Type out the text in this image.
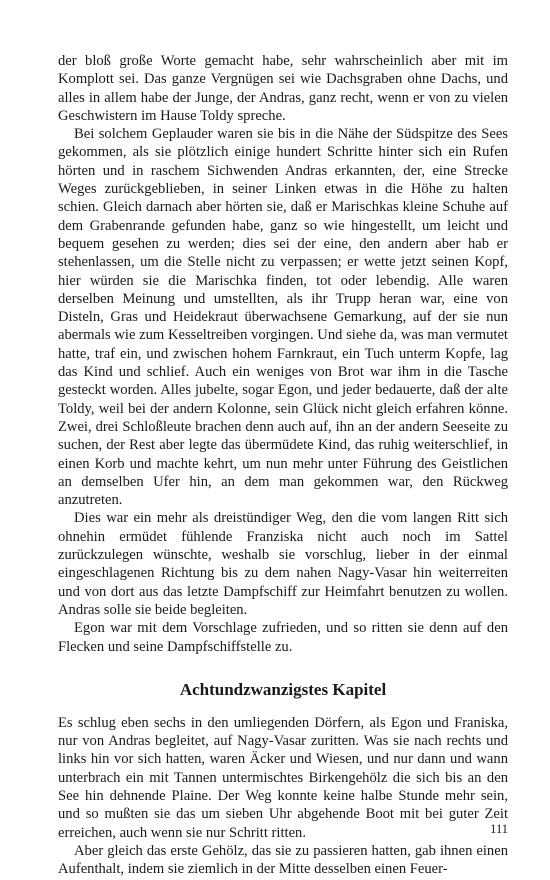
der bloß große Worte gemacht habe, sehr wahrscheinlich aber mit im Komplott sei. Das ganze Vergnügen sei wie Dachsgraben ohne Dachs, und alles in allem habe der Junge, der Andras, ganz recht, wenn er von zu vielen Geschwistern im Hause Toldy spreche.

Bei solchem Geplauder waren sie bis in die Nähe der Südspitze des Sees gekommen, als sie plötzlich einige hundert Schritte hinter sich ein Rufen hörten und in raschem Sichwenden Andras erkannten, der, eine Strecke Weges zurückgeblieben, in seiner Linken etwas in die Höhe zu halten schien. Gleich darnach aber hörten sie, daß er Marischkas kleine Schuhe auf dem Grabenrande gefunden habe, ganz so wie hingestellt, um leicht und bequem gesehen zu werden; dies sei der eine, den andern aber hab er stehenlassen, um die Stelle nicht zu verpassen; er wette jetzt seinen Kopf, hier würden sie die Marischka finden, tot oder lebendig. Alle waren derselben Meinung und umstellten, als ihr Trupp heran war, eine von Disteln, Gras und Heidekraut überwachsene Gemarkung, auf der sie nun abermals wie zum Kesseltreiben vorgingen. Und siehe da, was man vermutet hatte, traf ein, und zwischen hohem Farnkraut, ein Tuch unterm Kopfe, lag das Kind und schlief. Auch ein weniges von Brot war ihm in die Tasche gesteckt worden. Alles jubelte, sogar Egon, und jeder bedauerte, daß der alte Toldy, weil bei der andern Kolonne, sein Glück nicht gleich erfahren könne. Zwei, drei Schloßleute brachen denn auch auf, ihn an der andern Seeseite zu suchen, der Rest aber legte das übermüdete Kind, das ruhig weiterschlief, in einen Korb und machte kehrt, um nun mehr unter Führung des Geistlichen an demselben Ufer hin, an dem man gekommen war, den Rückweg anzutreten.

Dies war ein mehr als dreistündiger Weg, den die vom langen Ritt sich ohnehin ermüdet fühlende Franziska nicht auch noch im Sattel zurückzulegen wünschte, weshalb sie vorschlug, lieber in der einmal eingeschlagenen Richtung bis zu dem nahen Nagy-Vasar hin weiterreiten und von dort aus das letzte Dampfschiff zur Heimfahrt benutzen zu wollen. Andras solle sie beide begleiten.

Egon war mit dem Vorschlage zufrieden, und so ritten sie denn auf den Flecken und seine Dampfschiffstelle zu.

Achtundzwanzigstes Kapitel

Es schlug eben sechs in den umliegenden Dörfern, als Egon und Franiska, nur von Andras begleitet, auf Nagy-Vasar zuritten. Was sie nach rechts und links hin vor sich hatten, waren Äcker und Wiesen, und nur dann und wann unterbrach ein mit Tannen untermischtes Birkengehölz die sich bis an den See hin dehnende Plaine. Der Weg konnte keine halbe Stunde mehr sein, und so mußten sie das um sieben Uhr abgehende Boot mit bei guter Zeit erreichen, auch wenn sie nur Schritt ritten.

Aber gleich das erste Gehölz, das sie zu passieren hatten, gab ihnen einen Aufenthalt, indem sie ziemlich in der Mitte desselben einen Feuer-

111
